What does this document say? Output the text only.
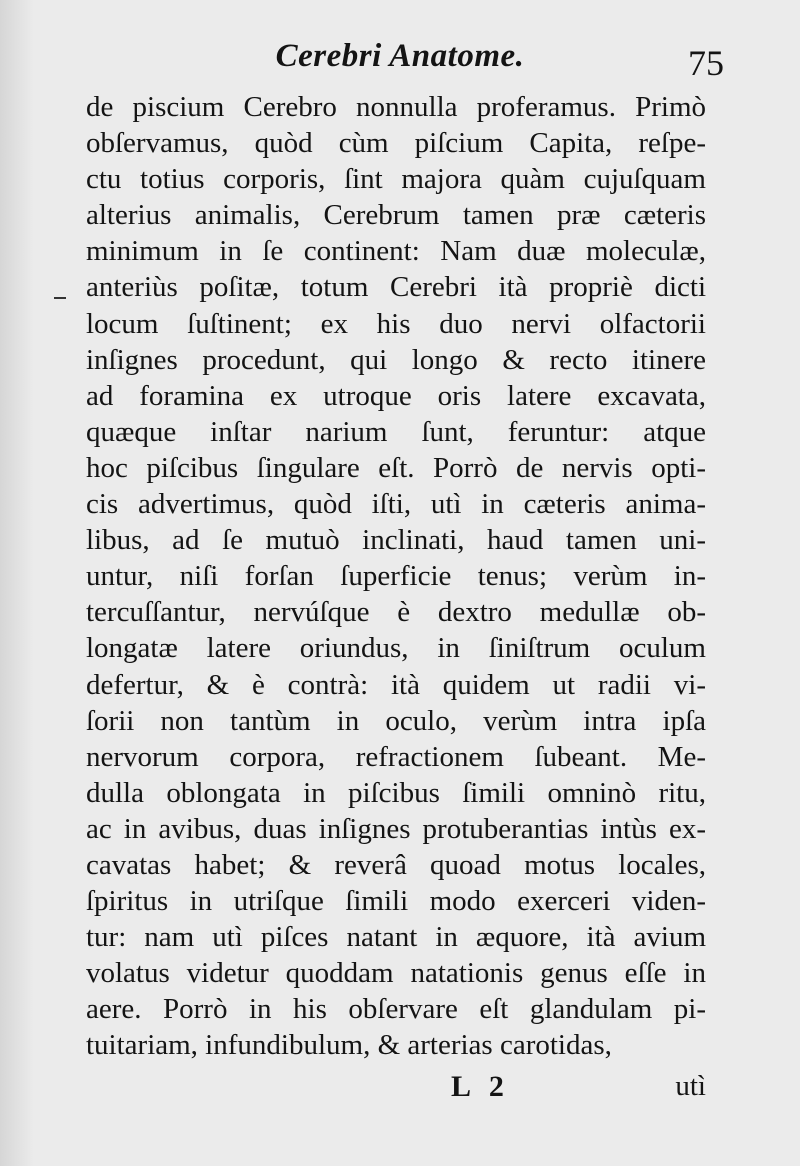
Cerebri Anatome.	75
de piscium Cerebro nonnulla proferamus. Primò
obſervamus, quòd cùm piſcium Capita, reſpe-
ctu totius corporis, ſint majora quàm cujuſquam
alterius animalis, Cerebrum tamen præ cæteris
minimum in ſe continent: Nam duæ moleculæ,
anteriùs poſitæ, totum Cerebri ità propriè dicti
locum ſuſtinent; ex his duo nervi olfactorii
inſignes procedunt, qui longo & recto itinere
ad foramina ex utroque oris latere excavata,
quæque inſtar narium ſunt, feruntur: atque
hoc piſcibus ſingulare eſt. Porrò de nervis opti-
cis advertimus, quòd iſti, utì in cæteris anima-
libus, ad ſe mutuò inclinati, haud tamen uni-
untur, niſi forſan ſuperficie tenus; verùm in-
tercuſſantur, nervúſque è dextro medullæ ob-
longatæ latere oriundus, in ſiniſtrum oculum
defertur, & è contrà: ità quidem ut radii vi-
ſorii non tantùm in oculo, verùm intra ipſa
nervorum corpora, refractionem ſubeant. Me-
dulla oblongata in piſcibus ſimili omninò ritu,
ac in avibus, duas inſignes protuberantias intùs ex-
cavatas habet; & reverâ quoad motus locales,
ſpiritus in utriſque ſimili modo exerceri viden-
tur: nam utì piſces natant in æquore, ità avium
volatus videtur quoddam natationis genus eſſe in
aere. Porrò in his obſervare eſt glandulam pi-
tuitariam, infundibulum, & arterias carotidas,
L 2	utì
